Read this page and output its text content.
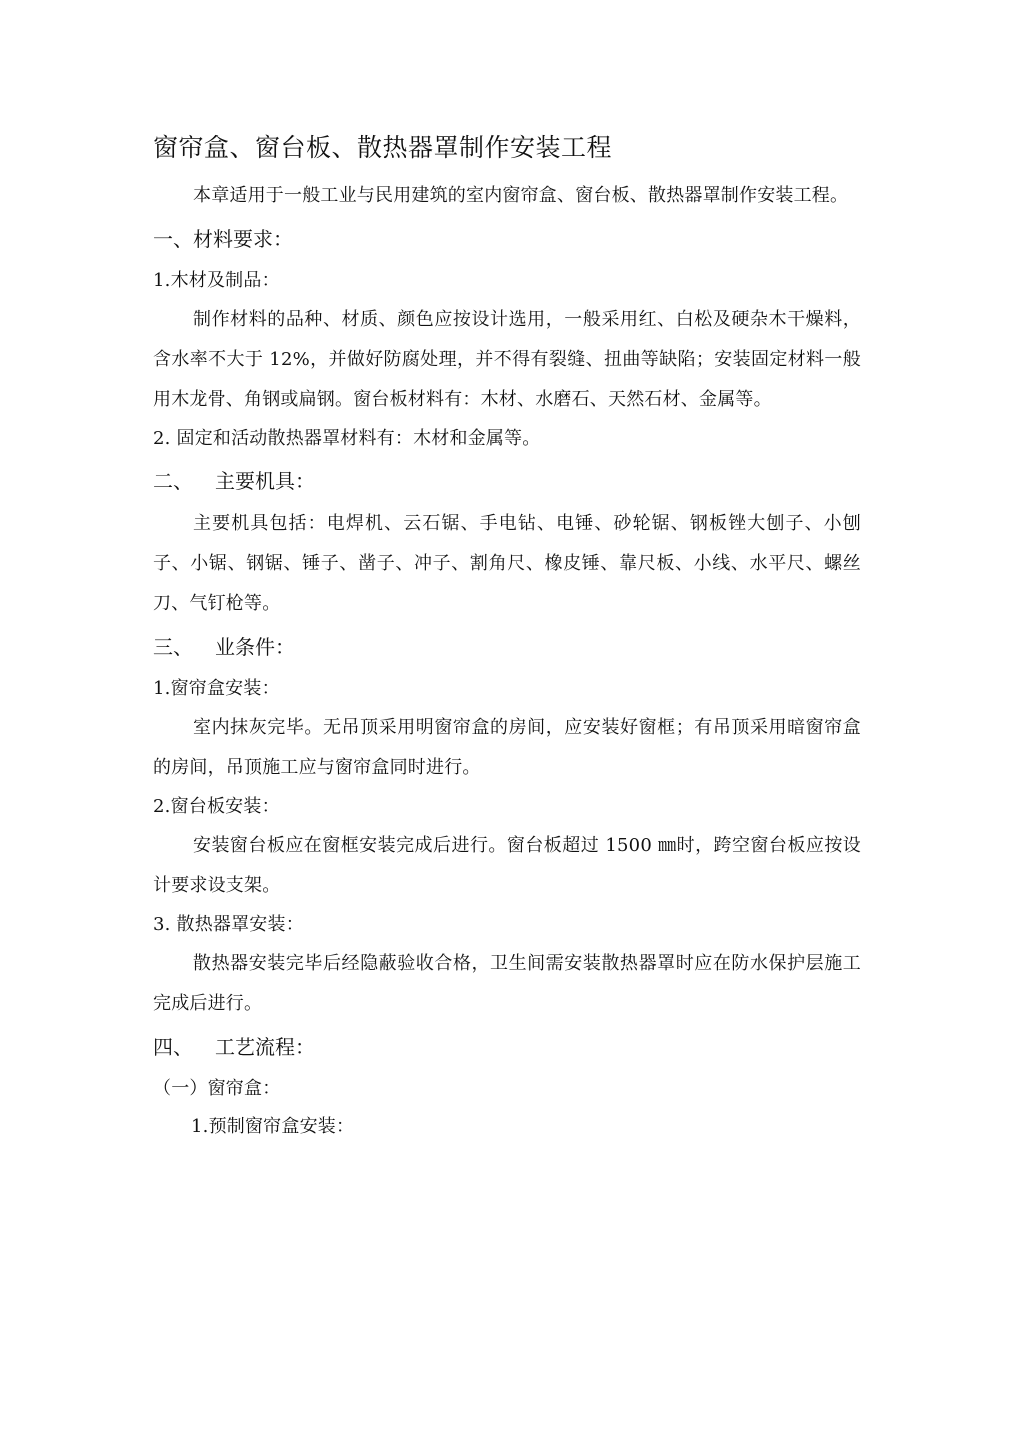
窗帘盒、窗台板、散热器罩制作安装工程

本章适用于一般工业与民用建筑的室内窗帘盒、窗台板、散热器罩制作安装工程。

一、材料要求：

1.木材及制品：

制作材料的品种、材质、颜色应按设计选用，一般采用红、白松及硬杂木干燥料，含水率不大于 12%，并做好防腐处理，并不得有裂缝、扭曲等缺陷；安装固定材料一般用木龙骨、角钢或扁钢。窗台板材料有：木材、水磨石、天然石材、金属等。

2. 固定和活动散热器罩材料有：木材和金属等。

二、 主要机具：

主要机具包括：电焊机、云石锯、手电钻、电锤、砂轮锯、钢板锉大刨子、小刨子、小锯、钢锯、锤子、凿子、冲子、割角尺、橡皮锤、靠尺板、小线、水平尺、螺丝刀、气钉枪等。

三、 业条件：

1.窗帘盒安装：

室内抹灰完毕。无吊顶采用明窗帘盒的房间，应安装好窗框；有吊顶采用暗窗帘盒的房间，吊顶施工应与窗帘盒同时进行。

2.窗台板安装：

安装窗台板应在窗框安装完成后进行。窗台板超过 1500 ㎜时，跨空窗台板应按设计要求设支架。

3. 散热器罩安装：

散热器安装完毕后经隐蔽验收合格，卫生间需安装散热器罩时应在防水保护层施工完成后进行。

四、 工艺流程：

（一）窗帘盒：

1.预制窗帘盒安装：
